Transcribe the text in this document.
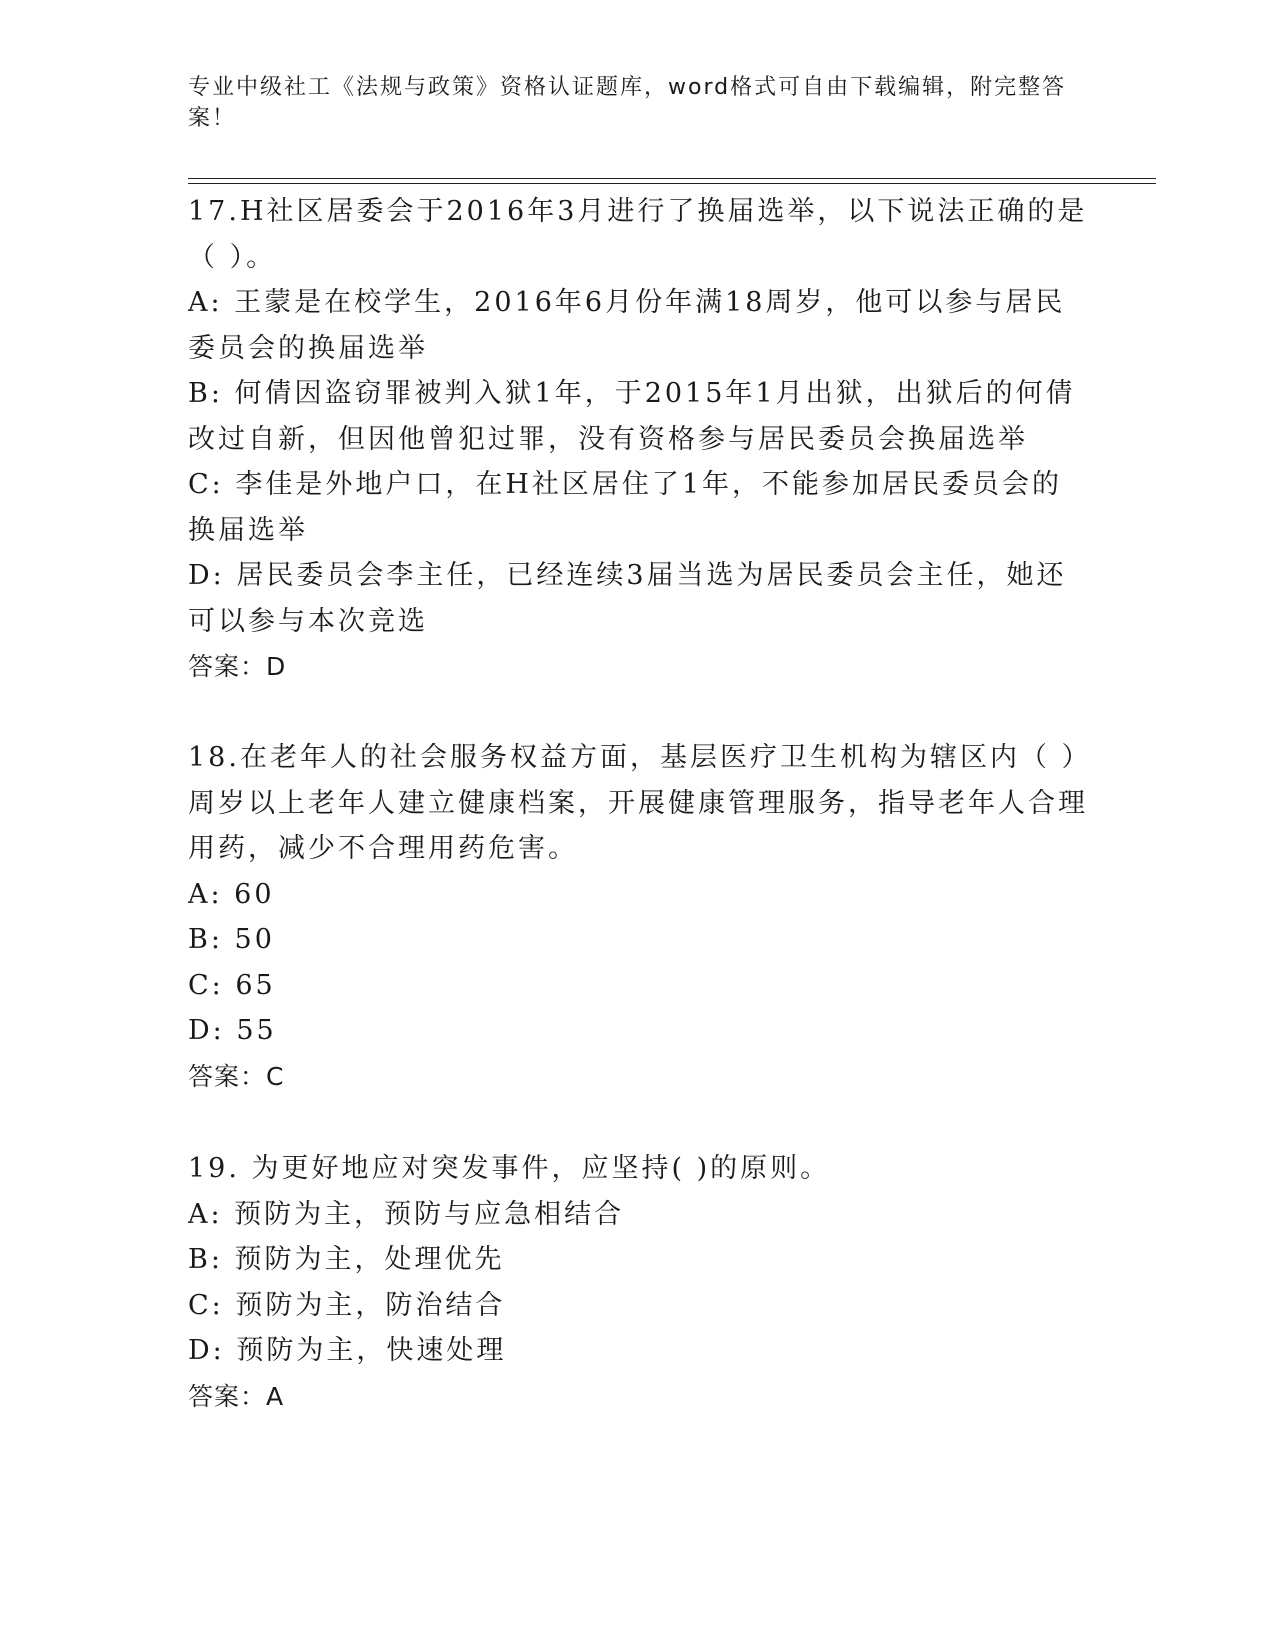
专业中级社工《法规与政策》资格认证题库，word格式可自由下载编辑，附完整答案！

17.H社区居委会于2016年3月进行了换届选举，以下说法正确的是（ ）。

A: 王蒙是在校学生，2016年6月份年满18周岁，他可以参与居民委员会的换届选举

B: 何倩因盗窃罪被判入狱1年，于2015年1月出狱，出狱后的何倩改过自新，但因他曾犯过罪，没有资格参与居民委员会换届选举

C: 李佳是外地户口，在H社区居住了1年，不能参加居民委员会的换届选举

D: 居民委员会李主任，已经连续3届当选为居民委员会主任，她还可以参与本次竞选

答案：D

18.在老年人的社会服务权益方面，基层医疗卫生机构为辖区内（ ）周岁以上老年人建立健康档案，开展健康管理服务，指导老年人合理用药，减少不合理用药危害。

A: 60

B: 50

C: 65

D: 55

答案：C

19. 为更好地应对突发事件，应坚持( )的原则。

A: 预防为主，预防与应急相结合

B: 预防为主，处理优先

C: 预防为主，防治结合

D: 预防为主，快速处理

答案：A
